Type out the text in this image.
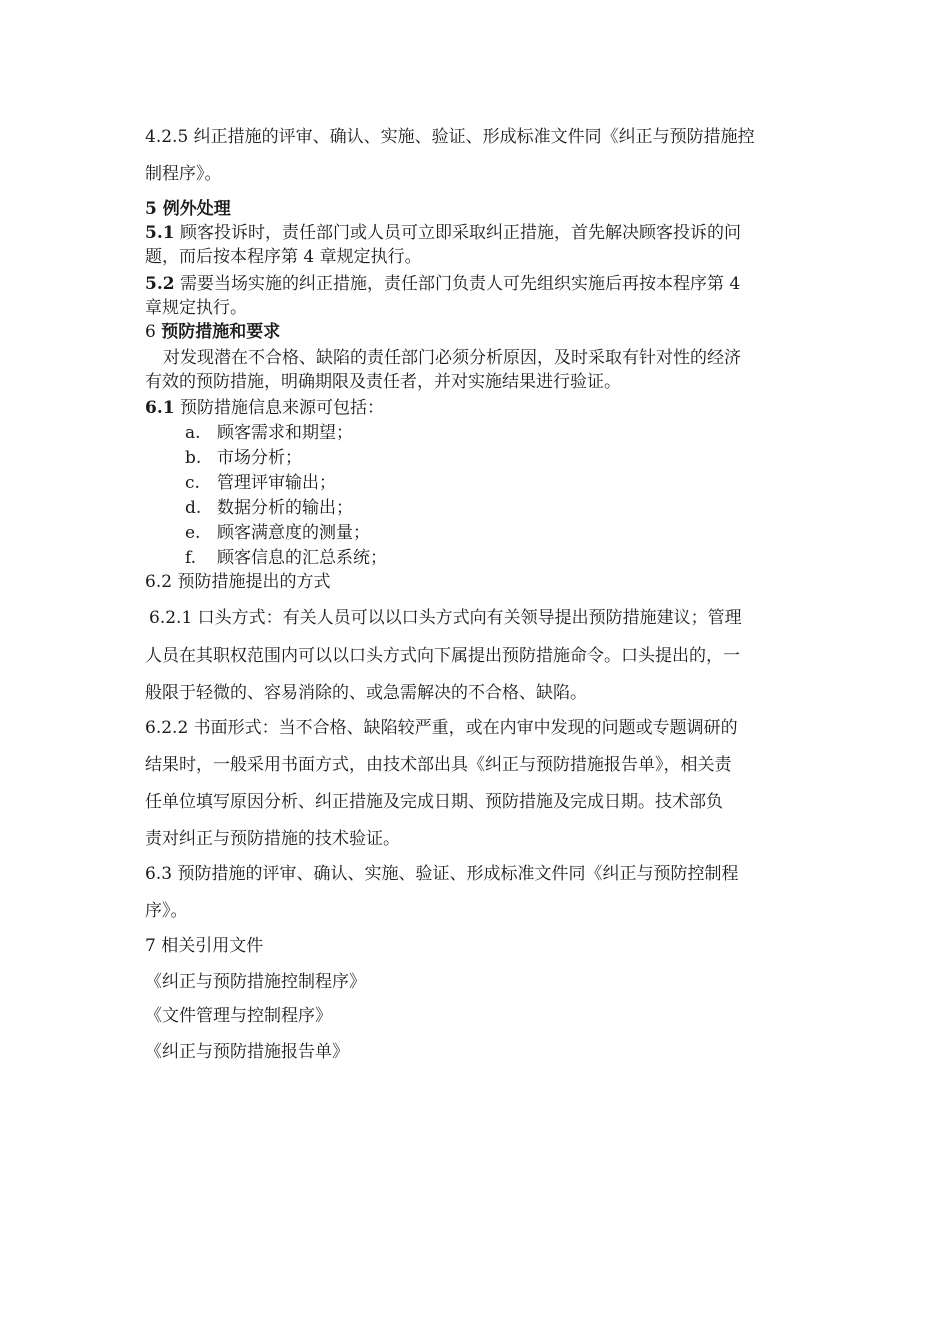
4.2.5 纠正措施的评审、确认、实施、验证、形成标准文件同《纠正与预防措施控
制程序》。
5 例外处理
5.1 顾客投诉时，责任部门或人员可立即采取纠正措施，首先解决顾客投诉的问
题，而后按本程序第 4 章规定执行。
5.2 需要当场实施的纠正措施，责任部门负责人可先组织实施后再按本程序第 4
章规定执行。
6 预防措施和要求
对发现潜在不合格、缺陷的责任部门必须分析原因，及时采取有针对性的经济
有效的预防措施，明确期限及责任者，并对实施结果进行验证。
6.1 预防措施信息来源可包括：
a. 顾客需求和期望；
b. 市场分析；
c. 管理评审输出；
d. 数据分析的输出；
e. 顾客满意度的测量；
f. 顾客信息的汇总系统；
6.2 预防措施提出的方式
6.2.1 口头方式：有关人员可以以口头方式向有关领导提出预防措施建议；管理
人员在其职权范围内可以以口头方式向下属提出预防措施命令。口头提出的，一
般限于轻微的、容易消除的、或急需解决的不合格、缺陷。
6.2.2 书面形式：当不合格、缺陷较严重，或在内审中发现的问题或专题调研的
结果时，一般采用书面方式，由技术部出具《纠正与预防措施报告单》，相关责
任单位填写原因分析、纠正措施及完成日期、预防措施及完成日期。技术部负
责对纠正与预防措施的技术验证。
6.3 预防措施的评审、确认、实施、验证、形成标准文件同《纠正与预防控制程
序》。
7 相关引用文件
《纠正与预防措施控制程序》
《文件管理与控制程序》
《纠正与预防措施报告单》
